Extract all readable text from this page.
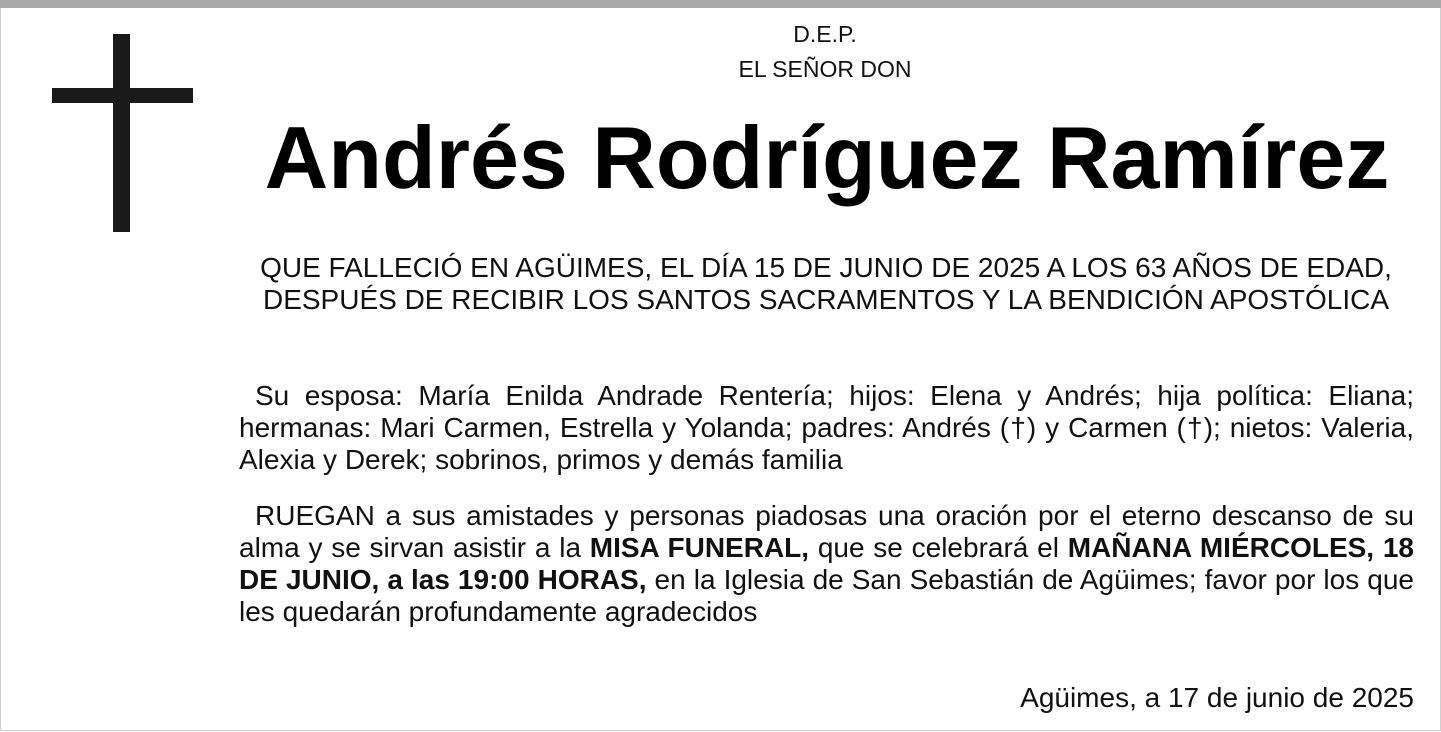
D.E.P.
EL SEÑOR DON
Andrés Rodríguez Ramírez
QUE FALLECIÓ EN AGÜIMES, EL DÍA 15 DE JUNIO DE 2025 A LOS 63 AÑOS DE EDAD, DESPUÉS DE RECIBIR LOS SANTOS SACRAMENTOS Y LA BENDICIÓN APOSTÓLICA
Su esposa: María Enilda Andrade Rentería; hijos: Elena y Andrés; hija política: Eliana; hermanas: Mari Carmen, Estrella y Yolanda; padres: Andrés (†) y Carmen (†); nietos: Valeria, Alexia y Derek; sobrinos, primos y demás familia
RUEGAN a sus amistades y personas piadosas una oración por el eterno descanso de su alma y se sirvan asistir a la MISA FUNERAL, que se celebrará el MAÑANA MIÉRCOLES, 18 DE JUNIO, a las 19:00 HORAS, en la Iglesia de San Sebastián de Agüimes; favor por los que les quedarán profundamente agradecidos
Agüimes, a 17 de junio de 2025
